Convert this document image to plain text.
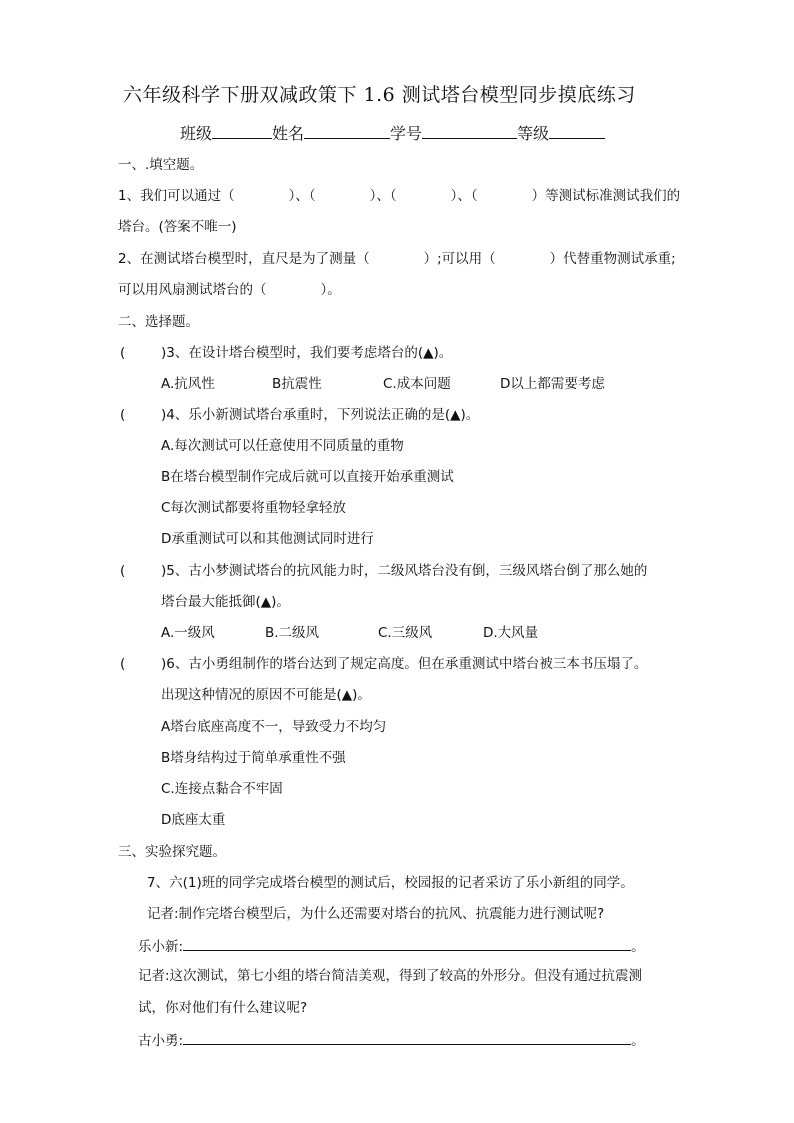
六年级科学下册双减政策下 1.6 测试塔台模型同步摸底练习
班级	姓名	学号	等级
一、.填空题。
1、我们可以通过（　　　　）、（　　　　）、（　　　　）、（　　　　）等测试标准测试我们的
塔台。(答案不唯一)
2、在测试塔台模型时，直尺是为了测量（　　　　）;可以用（　　　　）代替重物测试承重;
可以用风扇测试塔台的（　　　　）。
二、选择题。
(	)3、在设计塔台模型时，我们要考虑塔台的(▲)。
A.抗风性	B抗震性	C.成本问题	D以上都需要考虑
(	)4、乐小新测试塔台承重时，下列说法正确的是(▲)。
A.每次测试可以任意使用不同质量的重物
B在塔台模型制作完成后就可以直接开始承重测试
C每次测试都要将重物轻拿轻放
D承重测试可以和其他测试同时进行
(	)5、古小梦测试塔台的抗风能力时，二级风塔台没有倒，三级风塔台倒了那么她的
塔台最大能抵御(▲)。
A.一级风	B.二级风	C.三级风	D.大风量
(	)6、古小勇组制作的塔台达到了规定高度。但在承重测试中塔台被三本书压塌了。
出现这种情况的原因不可能是(▲)。
A塔台底座高度不一，导致受力不均匀
B塔身结构过于简单承重性不强
C.连接点黏合不牢固
D底座太重
三、实验探究题。
7、六(1)班的同学完成塔台模型的测试后，校园报的记者采访了乐小新组的同学。
记者:制作完塔台模型后，为什么还需要对塔台的抗风、抗震能力进行测试呢?
乐小新:	。
记者:这次测试，第七小组的塔台简洁美观，得到了较高的外形分。但没有通过抗震测
试，你对他们有什么建议呢?
古小勇:	。
